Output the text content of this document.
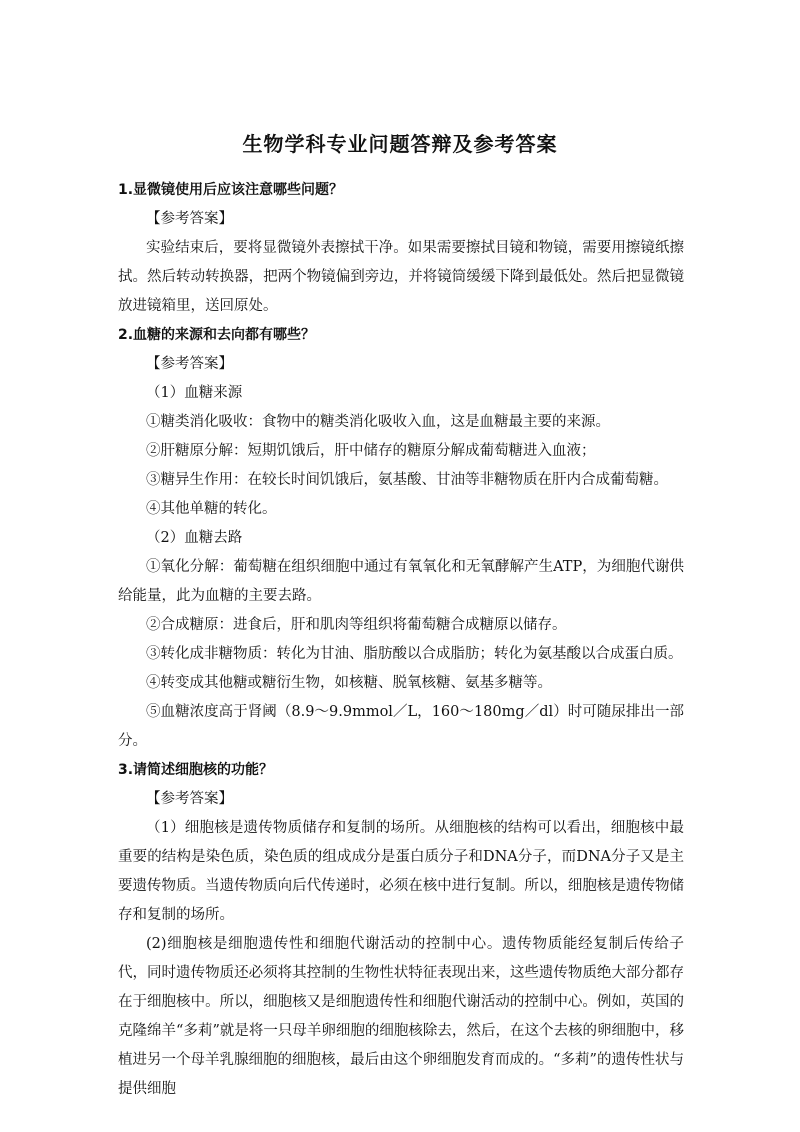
生物学科专业问题答辩及参考答案

1.显微镜使用后应该注意哪些问题？

【参考答案】

实验结束后，要将显微镜外表擦拭干净。如果需要擦拭目镜和物镜，需要用擦镜纸擦拭。然后转动转换器，把两个物镜偏到旁边，并将镜筒缓缓下降到最低处。然后把显微镜放进镜箱里，送回原处。

2.血糖的来源和去向都有哪些？

【参考答案】

（1）血糖来源

①糖类消化吸收：食物中的糖类消化吸收入血，这是血糖最主要的来源。

②肝糖原分解：短期饥饿后，肝中储存的糖原分解成葡萄糖进入血液；

③糖异生作用：在较长时间饥饿后，氨基酸、甘油等非糖物质在肝内合成葡萄糖。

④其他单糖的转化。

（2）血糖去路

①氧化分解：葡萄糖在组织细胞中通过有氧氧化和无氧酵解产生ATP，为细胞代谢供给能量，此为血糖的主要去路。

②合成糖原：进食后，肝和肌肉等组织将葡萄糖合成糖原以储存。

③转化成非糖物质：转化为甘油、脂肪酸以合成脂肪；转化为氨基酸以合成蛋白质。

④转变成其他糖或糖衍生物，如核糖、脱氧核糖、氨基多糖等。

⑤血糖浓度高于肾阈（8.9～9.9mmol／L，160～180mg／dl）时可随尿排出一部分。

3.请简述细胞核的功能？

【参考答案】

（1）细胞核是遗传物质储存和复制的场所。从细胞核的结构可以看出，细胞核中最重要的结构是染色质，染色质的组成成分是蛋白质分子和DNA分子，而DNA分子又是主要遗传物质。当遗传物质向后代传递时，必须在核中进行复制。所以，细胞核是遗传物储存和复制的场所。

(2)细胞核是细胞遗传性和细胞代谢活动的控制中心。遗传物质能经复制后传给子代，同时遗传物质还必须将其控制的生物性状特征表现出来，这些遗传物质绝大部分都存在于细胞核中。所以，细胞核又是细胞遗传性和细胞代谢活动的控制中心。例如，英国的克隆绵羊“多莉”就是将一只母羊卵细胞的细胞核除去，然后，在这个去核的卵细胞中，移植进另一个母羊乳腺细胞的细胞核，最后由这个卵细胞发育而成的。“多莉”的遗传性状与提供细胞
